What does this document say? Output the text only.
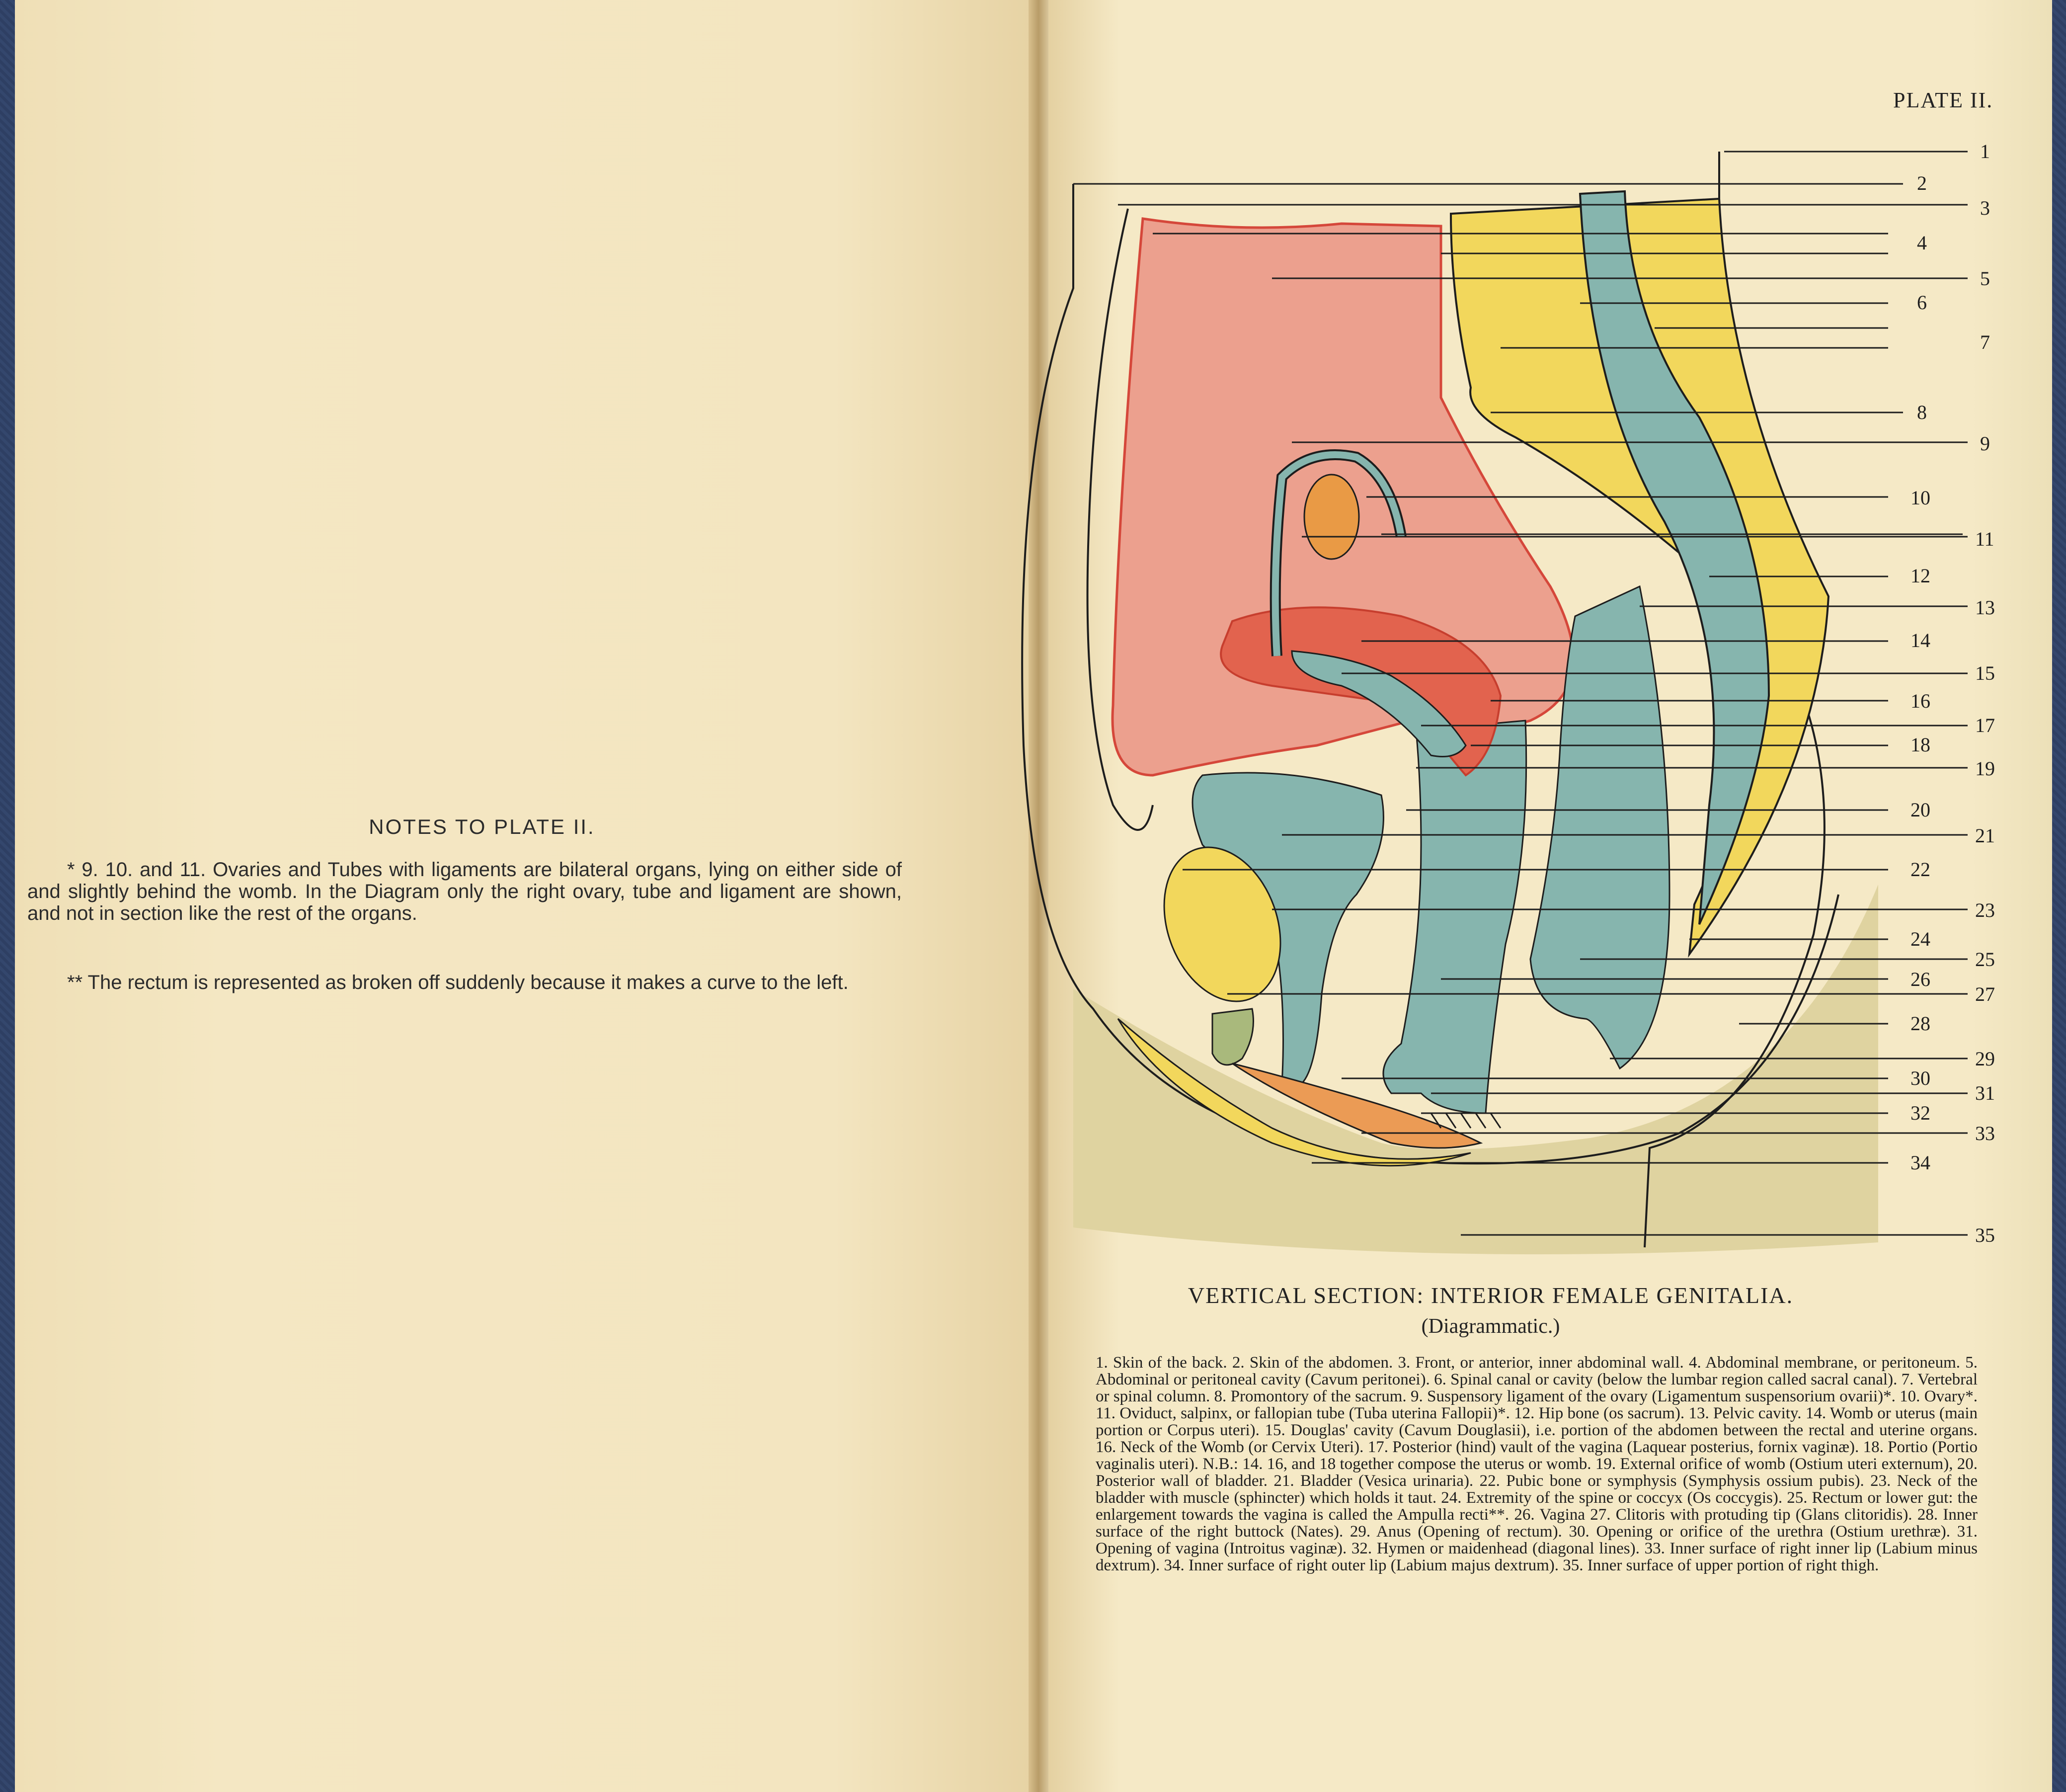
NOTES TO PLATE II.
* 9. 10. and 11. Ovaries and Tubes with ligaments are bilateral organs, lying on either side of and slightly behind the womb. In the Diagram only the right ovary, tube and ligament are shown, and not in section like the rest of the organs.
** The rectum is represented as broken off suddenly because it makes a curve to the left.
PLATE II.
1
2
3
4
5
6
7
8
9
10
11
12
13
14
15
16
17
18
19
20
21
22
23
24
25
26
27
28
29
30
31
32
33
34
35
VERTICAL SECTION: INTERIOR FEMALE GENITALIA.
(Diagrammatic.)
1. Skin of the back. 2. Skin of the abdomen. 3. Front, or anterior, inner abdominal wall. 4. Abdominal membrane, or peritoneum. 5. Abdominal or peritoneal cavity (Cavum peritonei). 6. Spinal canal or cavity (below the lumbar region called sacral canal). 7. Vertebral or spinal column. 8. Promontory of the sacrum. 9. Suspensory ligament of the ovary (Ligamentum suspensorium ovarii)*. 10. Ovary*. 11. Oviduct, salpinx, or fallopian tube (Tuba uterina Fallopii)*. 12. Hip bone (os sacrum). 13. Pelvic cavity. 14. Womb or uterus (main portion or Corpus uteri). 15. Douglas' cavity (Cavum Douglasii), i.e. portion of the abdomen between the rectal and uterine organs. 16. Neck of the Womb (or Cervix Uteri). 17. Posterior (hind) vault of the vagina (Laquear posterius, fornix vaginæ). 18. Portio (Portio vaginalis uteri). N.B.: 14. 16, and 18 together compose the uterus or womb. 19. External orifice of womb (Ostium uteri externum), 20. Posterior wall of bladder. 21. Bladder (Vesica urinaria). 22. Pubic bone or symphysis (Symphysis ossium pubis). 23. Neck of the bladder with muscle (sphincter) which holds it taut. 24. Extremity of the spine or coccyx (Os coccygis). 25. Rectum or lower gut: the enlargement towards the vagina is called the Ampulla recti**. 26. Vagina 27. Clitoris with protuding tip (Glans clitoridis). 28. Inner surface of the right buttock (Nates). 29. Anus (Opening of rectum). 30. Opening or orifice of the urethra (Ostium urethræ). 31. Opening of vagina (Introitus vaginæ). 32. Hymen or maidenhead (diagonal lines). 33. Inner surface of right inner lip (Labium minus dextrum). 34. Inner surface of right outer lip (Labium majus dextrum). 35. Inner surface of upper portion of right thigh.
